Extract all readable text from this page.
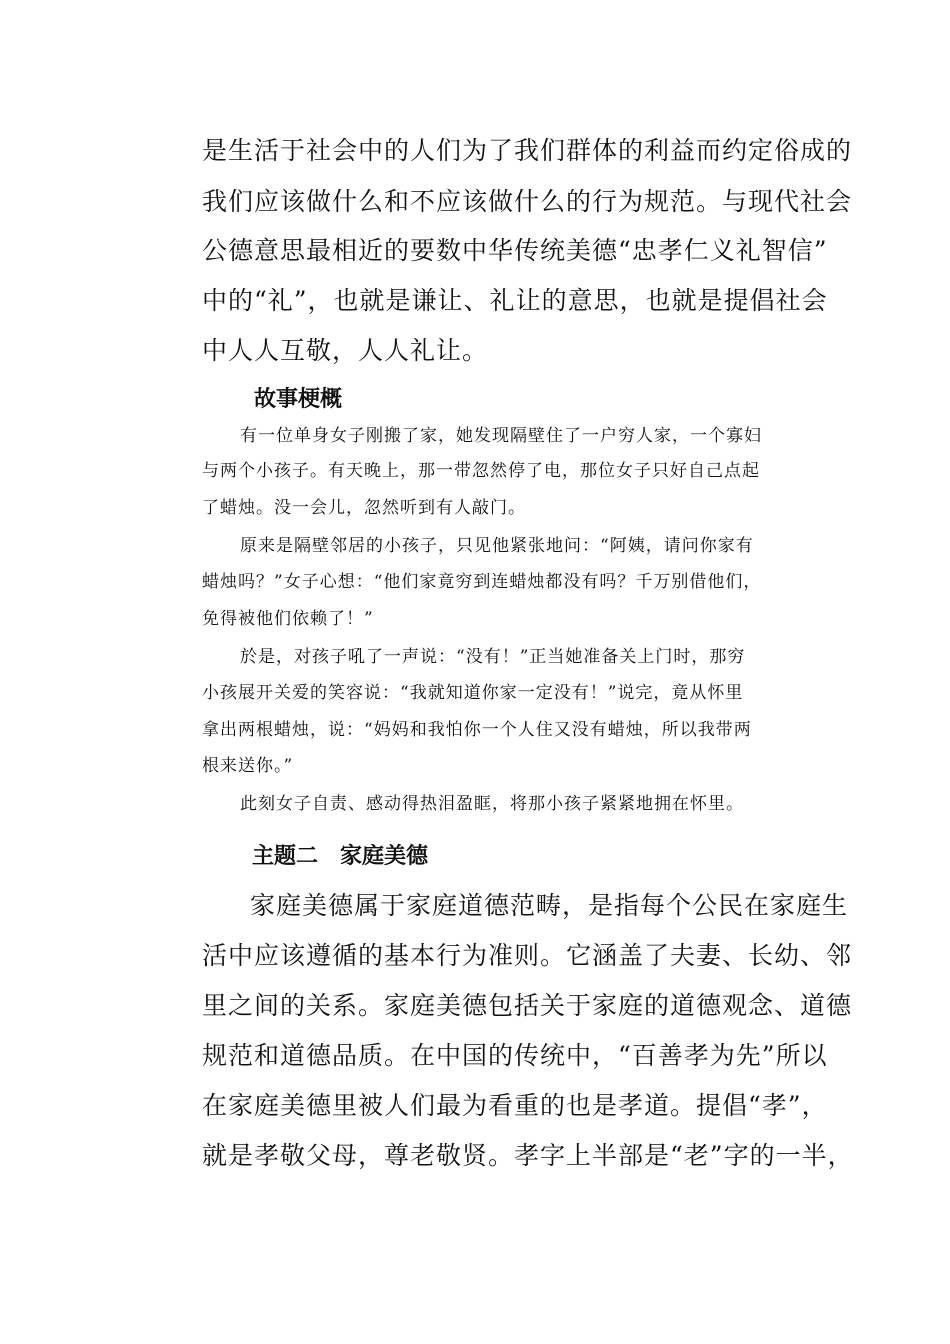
是生活于社会中的人们为了我们群体的利益而约定俗成的
我们应该做什么和不应该做什么的行为规范。与现代社会
公德意思最相近的要数中华传统美德“忠孝仁义礼智信”
中的“礼”，也就是谦让、礼让的意思，也就是提倡社会
中人人互敬，人人礼让。
故事梗概
有一位单身女子刚搬了家，她发现隔壁住了一户穷人家，一个寡妇
与两个小孩子。有天晚上，那一带忽然停了电，那位女子只好自己点起
了蜡烛。没一会儿，忽然听到有人敲门。
原来是隔壁邻居的小孩子，只见他紧张地问：“阿姨，请问你家有
蜡烛吗？”女子心想：“他们家竟穷到连蜡烛都没有吗？千万别借他们，
免得被他们依赖了！”
於是，对孩子吼了一声说：“没有！”正当她准备关上门时，那穷
小孩展开关爱的笑容说：“我就知道你家一定没有！”说完，竟从怀里
拿出两根蜡烛，说：“妈妈和我怕你一个人住又没有蜡烛，所以我带两
根来送你。”
此刻女子自责、感动得热泪盈眶，将那小孩子紧紧地拥在怀里。
主题二　家庭美德
家庭美德属于家庭道德范畴，是指每个公民在家庭生
活中应该遵循的基本行为准则。它涵盖了夫妻、长幼、邻
里之间的关系。家庭美德包括关于家庭的道德观念、道德
规范和道德品质。在中国的传统中，“百善孝为先”所以
在家庭美德里被人们最为看重的也是孝道。提倡“孝”，
就是孝敬父母，尊老敬贤。孝字上半部是“老”字的一半，
